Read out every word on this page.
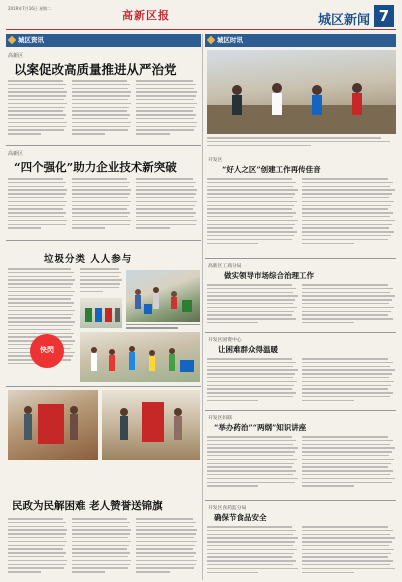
2019年7月16日 星期二
高新区报	城区新闻 7
城区资讯	城区时讯
高新区
以案促改高质量推进从严治党
高新区
“四个强化”助力企业技术新突破
垃圾分类 人人参与
快閃
民政为民解困难 老人赞誉送锦旗
开发区
“好人之区”创建工作再传佳音
高新区工商分局
做实领导市场综合治理工作
开发区国资中心
让困难群众得温暖
开发区妇联
“举办药治”“两纲”知识讲座
开发区食药监分局
确保节食品安全
